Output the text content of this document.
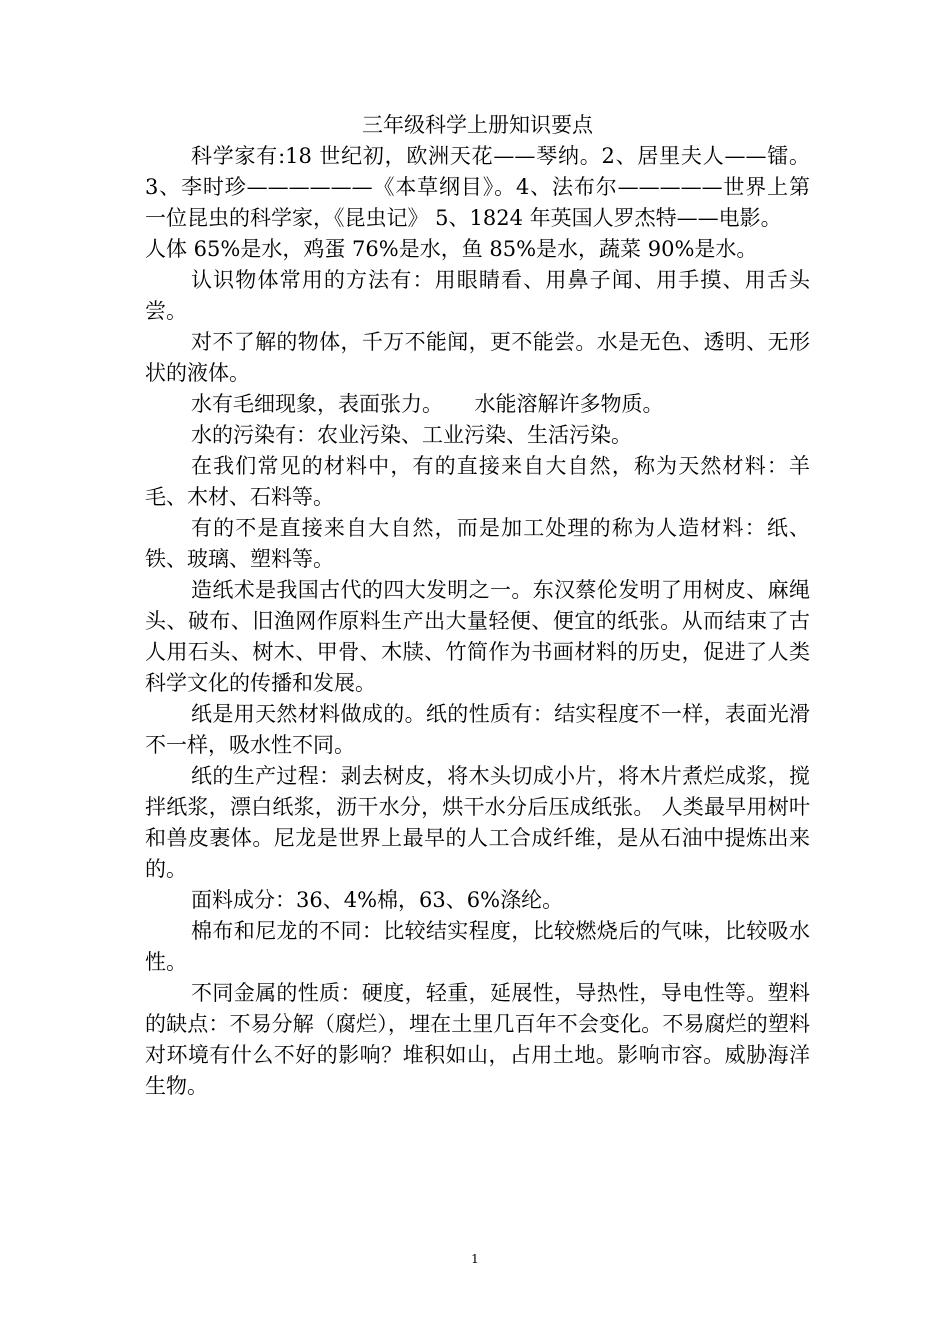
三年级科学上册知识要点

科学家有:18 世纪初，欧洲天花——琴纳。2、居里夫人——镭。3、李时珍——————《本草纲目》。4、法布尔—————世界上第一位昆虫的科学家，《昆虫记》 5、1824 年英国人罗杰特——电影。

人体 65%是水，鸡蛋 76%是水，鱼 85%是水，蔬菜 90%是水。

认识物体常用的方法有：用眼睛看、用鼻子闻、用手摸、用舌头尝。

对不了解的物体，千万不能闻，更不能尝。水是无色、透明、无形状的液体。

水有毛细现象，表面张力。　　水能溶解许多物质。

水的污染有：农业污染、工业污染、生活污染。

在我们常见的材料中，有的直接来自大自然，称为天然材料：羊毛、木材、石料等。

有的不是直接来自大自然，而是加工处理的称为人造材料：纸、铁、玻璃、塑料等。

造纸术是我国古代的四大发明之一。东汉蔡伦发明了用树皮、麻绳头、破布、旧渔网作原料生产出大量轻便、便宜的纸张。从而结束了古人用石头、树木、甲骨、木牍、竹简作为书画材料的历史，促进了人类科学文化的传播和发展。

纸是用天然材料做成的。纸的性质有：结实程度不一样，表面光滑不一样，吸水性不同。

纸的生产过程：剥去树皮，将木头切成小片，将木片煮烂成浆，搅拌纸浆，漂白纸浆，沥干水分，烘干水分后压成纸张。 人类最早用树叶和兽皮裹体。尼龙是世界上最早的人工合成纤维，是从石油中提炼出来的。

面料成分：36、4%棉，63、6%涤纶。

棉布和尼龙的不同：比较结实程度，比较燃烧后的气味，比较吸水性。

不同金属的性质：硬度，轻重，延展性，导热性，导电性等。塑料的缺点：不易分解（腐烂），埋在土里几百年不会变化。不易腐烂的塑料对环境有什么不好的影响？堆积如山，占用土地。影响市容。威胁海洋生物。

1
